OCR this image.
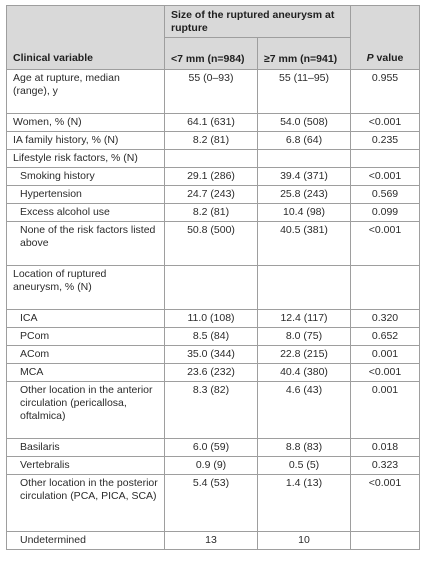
Clinical variable	Size of the ruptured aneurysm at rupture		P value
	<7 mm (n=984)	≥7 mm (n=941)	
Age at rupture, median (range), y	55 (0–93)	55 (11–95)	0.955
Women, % (N)	64.1 (631)	54.0 (508)	<0.001
IA family history, % (N)	8.2 (81)	6.8 (64)	0.235
Lifestyle risk factors, % (N)			
Smoking history	29.1 (286)	39.4 (371)	<0.001
Hypertension	24.7 (243)	25.8 (243)	0.569
Excess alcohol use	8.2 (81)	10.4 (98)	0.099
None of the risk factors listed above	50.8 (500)	40.5 (381)	<0.001
Location of ruptured aneurysm, % (N)			
ICA	11.0 (108)	12.4 (117)	0.320
PCom	8.5 (84)	8.0 (75)	0.652
ACom	35.0 (344)	22.8 (215)	0.001
MCA	23.6 (232)	40.4 (380)	<0.001
Other location in the anterior circulation (pericallosa, oftalmica)	8.3 (82)	4.6 (43)	0.001
Basilaris	6.0 (59)	8.8 (83)	0.018
Vertebralis	0.9 (9)	0.5 (5)	0.323
Other location in the posterior circulation (PCA, PICA, SCA)	5.4 (53)	1.4 (13)	<0.001
Undetermined	13	10	
